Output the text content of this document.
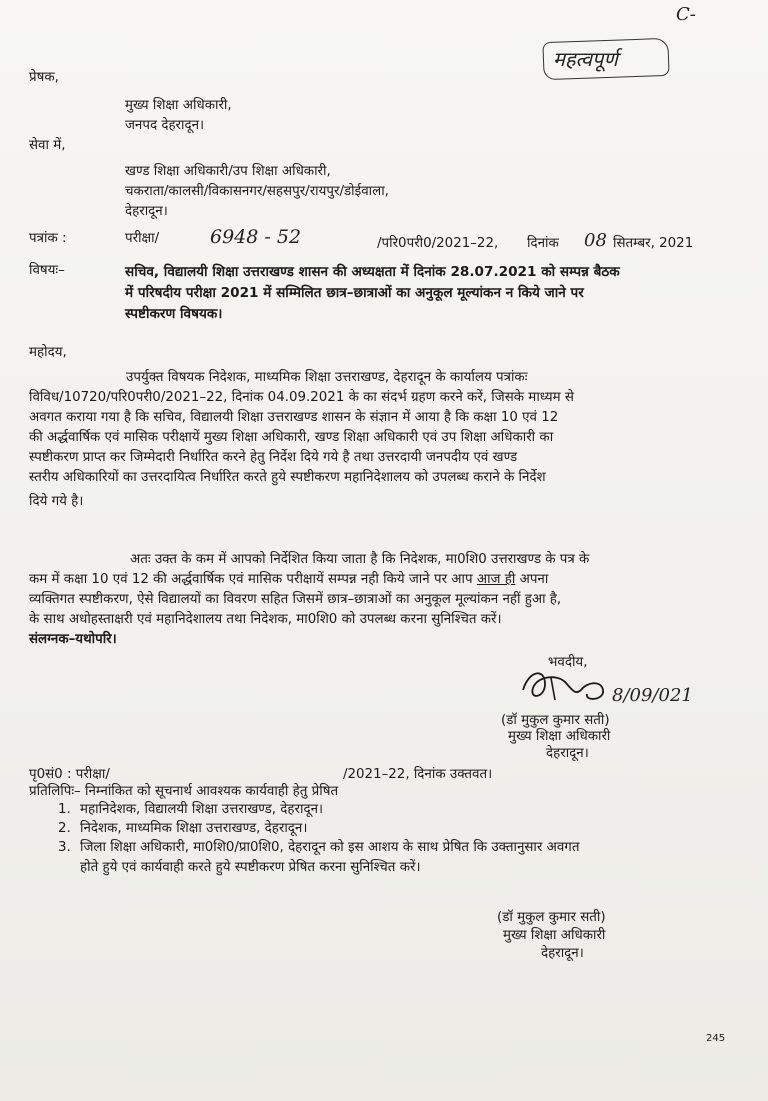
C-
महत्वपूर्ण
प्रेषक,
मुख्य शिक्षा अधिकारी,
जनपद देहरादून।
सेवा में,
खण्ड शिक्षा अधिकारी/उप शिक्षा अधिकारी,
चकराता/कालसी/विकासनगर/सहसपुर/रायपुर/डोईवाला,
देहरादून।
पत्रांक :	परीक्षा/	6948 - 52	/परि0परी0/2021–22, दिनांक 08 सितम्बर, 2021
विषयः–	सचिव, विद्यालयी शिक्षा उत्तराखण्ड शासन की अध्यक्षता में दिनांक 28.07.2021 को सम्पन्न बैठक
में परिषदीय परीक्षा 2021 में सम्मिलित छात्र–छात्राओं का अनुकूल मूल्यांकन न किये जाने पर
स्पष्टीकरण विषयक।
महोदय,
उपर्युक्त विषयक निदेशक, माध्यमिक शिक्षा उत्तराखण्ड, देहरादून के कार्यालय पत्रांकः
विविध/10720/परि0परी0/2021–22, दिनांक 04.09.2021 के का संदर्भ ग्रहण करने करें, जिसके माध्यम से
अवगत कराया गया है कि सचिव, विद्यालयी शिक्षा उत्तराखण्ड शासन के संज्ञान में आया है कि कक्षा 10 एवं 12
की अर्द्धवार्षिक एवं मासिक परीक्षायें मुख्य शिक्षा अधिकारी, खण्ड शिक्षा अधिकारी एवं उप शिक्षा अधिकारी का
स्पष्टीकरण प्राप्त कर जिम्मेदारी निर्धारित करने हेतु निर्देश दिये गये है तथा उत्तरदायी जनपदीय एवं खण्ड
स्तरीय अधिकारियों का उत्तरदायित्व निर्धारित करते हुये स्पष्टीकरण महानिदेशालय को उपलब्ध कराने के निर्देश
दिये गये है।
अतः उक्त के कम में आपको निर्देशित किया जाता है कि निदेशक, मा0शि0 उत्तराखण्ड के पत्र के
कम में कक्षा 10 एवं 12 की अर्द्धवार्षिक एवं मासिक परीक्षायें सम्पन्न नही किये जाने पर आप आज ही अपना
व्यक्तिगत स्पष्टीकरण, ऐसे विद्यालयों का विवरण सहित जिसमें छात्र–छात्राओं का अनुकूल मूल्यांकन नहीं हुआ है,
के साथ अधोहस्ताक्षरी एवं महानिदेशालय तथा निदेशक, मा0शि0 को उपलब्ध करना सुनिश्चित करें।
संलग्नक–यथोपरि।
भवदीय,
8/09/021
(डॉ मुकुल कुमार सती)
मुख्य शिक्षा अधिकारी
देहरादून।
पृ0सं0 : परीक्षा/	/2021–22, दिनांक उक्तवत।
प्रतिलिपिः– निम्नांकित को सूचनार्थ आवश्यक कार्यवाही हेतु प्रेषित
1. महानिदेशक, विद्यालयी शिक्षा उत्तराखण्ड, देहरादून।
2. निदेशक, माध्यमिक शिक्षा उत्तराखण्ड, देहरादून।
3. जिला शिक्षा अधिकारी, मा0शि0/प्रा0शि0, देहरादून को इस आशय के साथ प्रेषित कि उक्तानुसार अवगत
होते हुये एवं कार्यवाही करते हुये स्पष्टीकरण प्रेषित करना सुनिश्चित करें।
(डॉ मुकुल कुमार सती)
मुख्य शिक्षा अधिकारी
देहरादून।
245
